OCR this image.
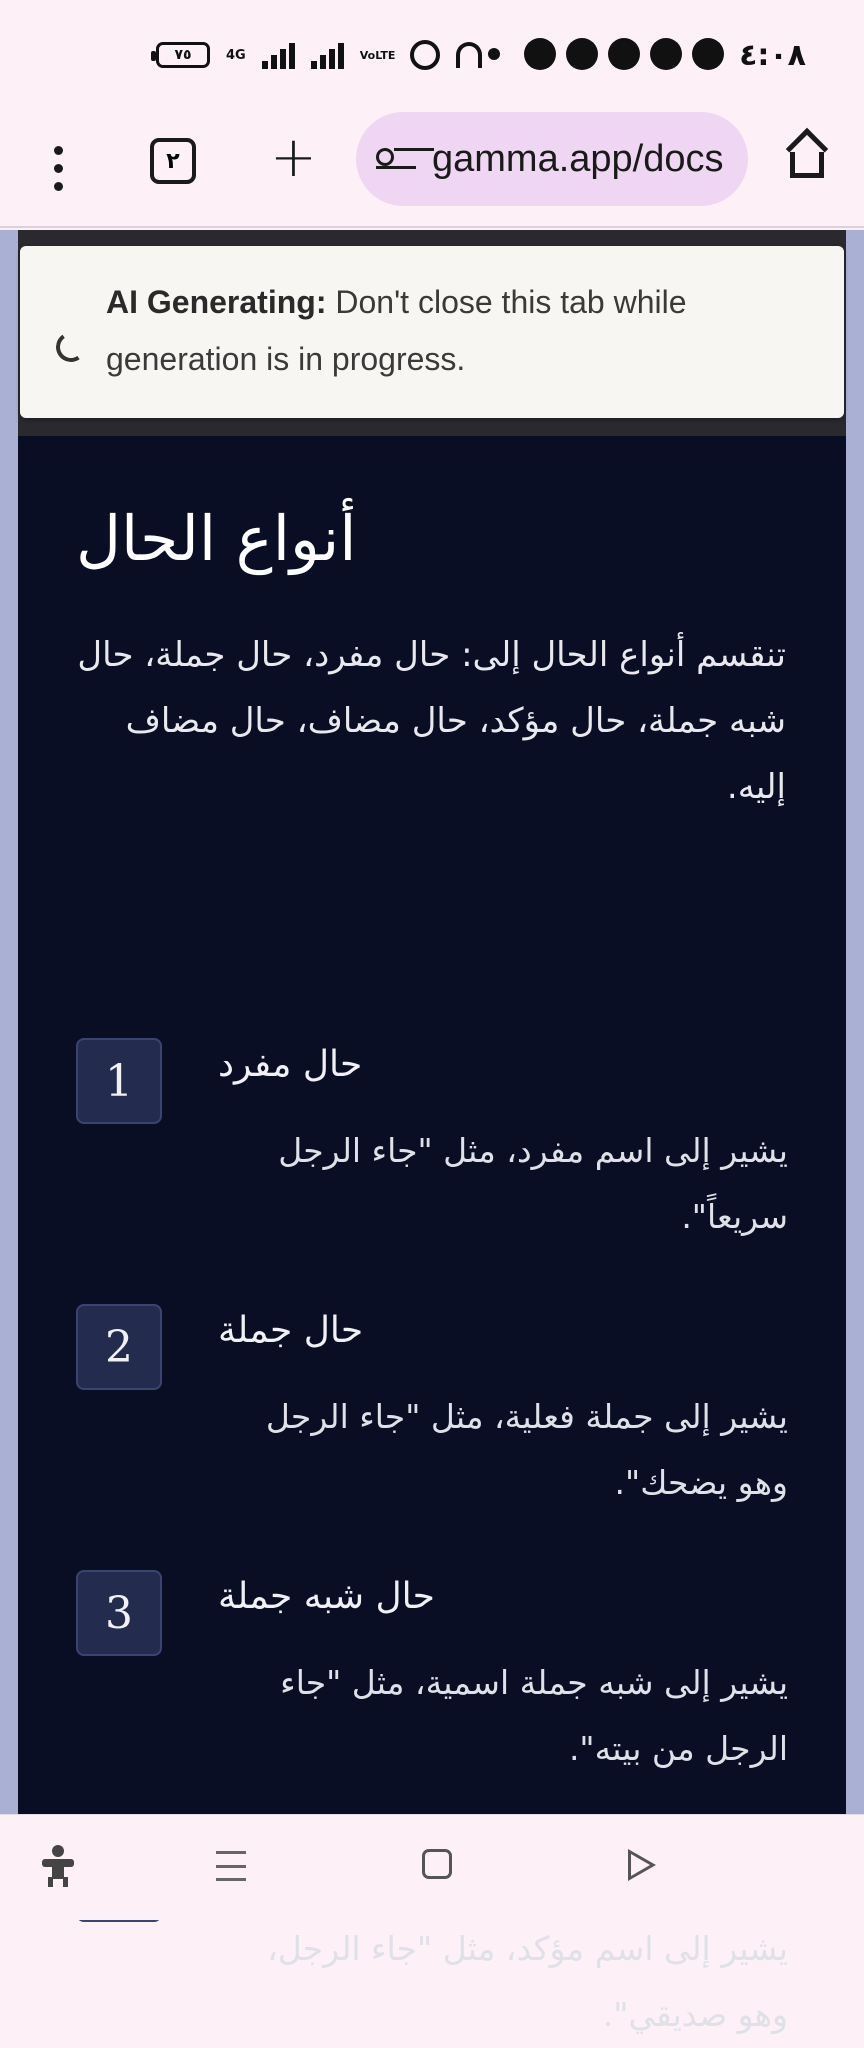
٧٥	4G	VoLTE	٤:٠٨
٢ +	gamma.app/docs
AI Generating: Don't close this tab while generation is in progress.
أنواع الحال
تنقسم أنواع الحال إلى: حال مفرد، حال جملة، حال شبه جملة، حال مؤكد، حال مضاف، حال مضاف إليه.
1	حال مفرد
يشير إلى اسم مفرد، مثل "جاء الرجل سريعاً".
2	حال جملة
يشير إلى جملة فعلية، مثل "جاء الرجل وهو يضحك".
3	حال شبه جملة
يشير إلى شبه جملة اسمية، مثل "جاء الرجل من بيته".
يشير إلى اسم مؤكد، مثل "جاء الرجل، وهو صديقي".
